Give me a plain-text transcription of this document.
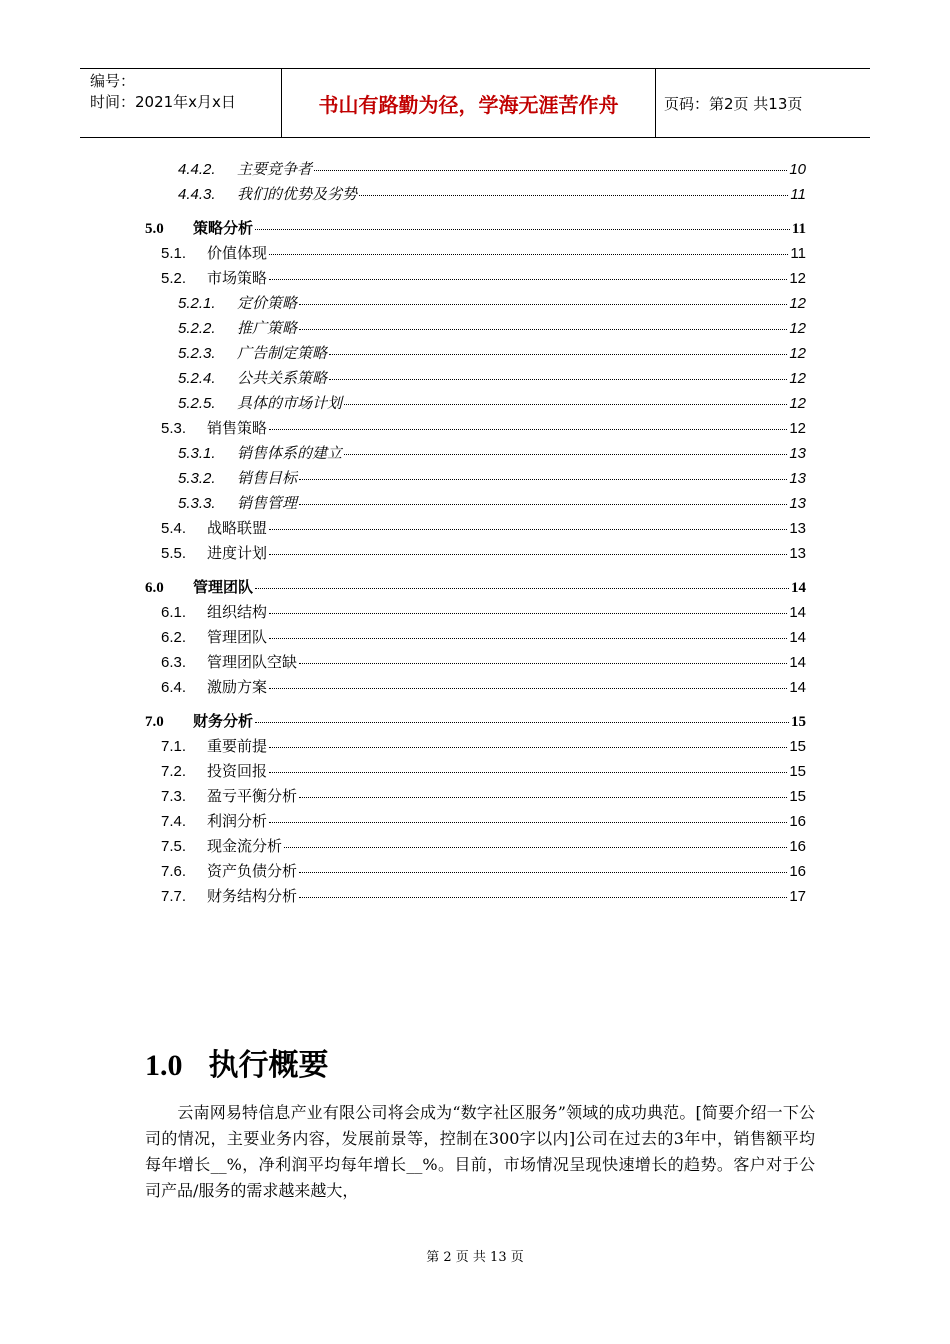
编号：
时间：2021年x月x日	书山有路勤为径，学海无涯苦作舟	页码：第2页 共13页
4.4.2.	主要竞争者	10
4.4.3.	我们的优势及劣势	11
5.0	策略分析	11
5.1.	价值体现	11
5.2.	市场策略	12
5.2.1.	定价策略	12
5.2.2.	推广策略	12
5.2.3.	广告制定策略	12
5.2.4.	公共关系策略	12
5.2.5.	具体的市场计划	12
5.3.	销售策略	12
5.3.1.	销售体系的建立	13
5.3.2.	销售目标	13
5.3.3.	销售管理	13
5.4.	战略联盟	13
5.5.	进度计划	13
6.0	管理团队	14
6.1.	组织结构	14
6.2.	管理团队	14
6.3.	管理团队空缺	14
6.4.	激励方案	14
7.0	财务分析	15
7.1.	重要前提	15
7.2.	投资回报	15
7.3.	盈亏平衡分析	15
7.4.	利润分析	16
7.5.	现金流分析	16
7.6.	资产负债分析	16
7.7.	财务结构分析	17
1.0 执行概要

　　云南网易特信息产业有限公司将会成为“数字社区服务”领域的成功典范。[简要介绍一下公司的情况，主要业务内容，发展前景等，控制在300字以内]公司在过去的3年中，销售额平均每年增长__%，净利润平均每年增长__%。目前，市场情况呈现快速增长的趋势。客户对于公司产品/服务的需求越来越大，

第 2 页 共 13 页
